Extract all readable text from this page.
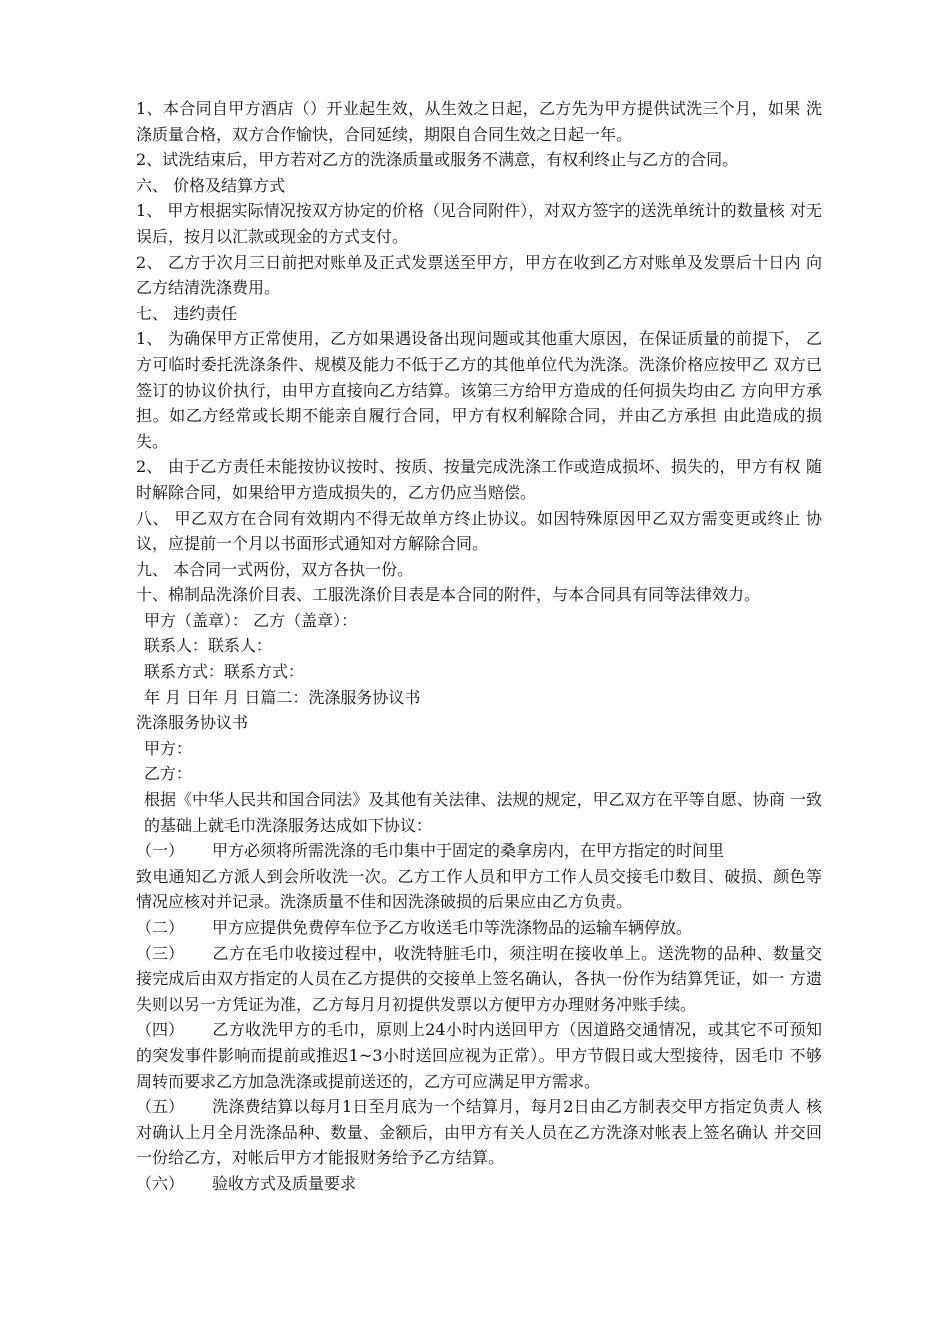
1、本合同自甲方酒店（）开业起生效，从生效之日起，乙方先为甲方提供试洗三个月，如果 洗涤质量合格，双方合作愉快，合同延续，期限自合同生效之日起一年。

2、试洗结束后，甲方若对乙方的洗涤质量或服务不满意，有权利终止与乙方的合同。

六、 价格及结算方式

1、 甲方根据实际情况按双方协定的价格（见合同附件），对双方签字的送洗单统计的数量核 对无误后，按月以汇款或现金的方式支付。

2、 乙方于次月三日前把对账单及正式发票送至甲方，甲方在收到乙方对账单及发票后十日内 向乙方结清洗涤费用。

七、 违约责任

1、 为确保甲方正常使用，乙方如果遇设备出现问题或其他重大原因，在保证质量的前提下， 乙方可临时委托洗涤条件、规模及能力不低于乙方的其他单位代为洗涤。洗涤价格应按甲乙 双方已签订的协议价执行，由甲方直接向乙方结算。该第三方给甲方造成的任何损失均由乙 方向甲方承担。如乙方经常或长期不能亲自履行合同，甲方有权利解除合同，并由乙方承担 由此造成的损失。

2、 由于乙方责任未能按协议按时、按质、按量完成洗涤工作或造成损坏、损失的，甲方有权 随时解除合同，如果给甲方造成损失的，乙方仍应当赔偿。

八、 甲乙双方在合同有效期内不得无故单方终止协议。如因特殊原因甲乙双方需变更或终止 协议，应提前一个月以书面形式通知对方解除合同。

九、 本合同一式两份，双方各执一份。

十、棉制品洗涤价目表、工服洗涤价目表是本合同的附件，与本合同具有同等法律效力。

甲方（盖章）： 乙方（盖章）：

联系人：联系人：

联系方式：联系方式：

年 月 日年 月 日篇二：洗涤服务协议书

洗涤服务协议书

甲方：

乙方：

根据《中华人民共和国合同法》及其他有关法律、法规的规定，甲乙双方在平等自愿、协商 一致的基础上就毛巾洗涤服务达成如下协议：

（一） 甲方必须将所需洗涤的毛巾集中于固定的桑拿房内，在甲方指定的时间里

致电通知乙方派人到会所收洗一次。乙方工作人员和甲方工作人员交接毛巾数目、破损、颜色等情况应核对并记录。洗涤质量不佳和因洗涤破损的后果应由乙方负责。

（二） 甲方应提供免费停车位予乙方收送毛巾等洗涤物品的运输车辆停放。

（三） 乙方在毛巾收接过程中，收洗特脏毛巾，须注明在接收单上。送洗物的品种、数量交 接完成后由双方指定的人员在乙方提供的交接单上签名确认，各执一份作为结算凭证，如一 方遗失则以另一方凭证为准，乙方每月月初提供发票以方便甲方办理财务冲账手续。

（四） 乙方收洗甲方的毛巾，原则上24小时内送回甲方（因道路交通情况，或其它不可预知 的突发事件影响而提前或推迟1~3小时送回应视为正常）。甲方节假日或大型接待，因毛巾 不够周转而要求乙方加急洗涤或提前送还的，乙方可应满足甲方需求。

（五） 洗涤费结算以每月1日至月底为一个结算月，每月2日由乙方制表交甲方指定负责人 核对确认上月全月洗涤品种、数量、金额后，由甲方有关人员在乙方洗涤对帐表上签名确认 并交回一份给乙方，对帐后甲方才能报财务给予乙方结算。

（六） 验收方式及质量要求
